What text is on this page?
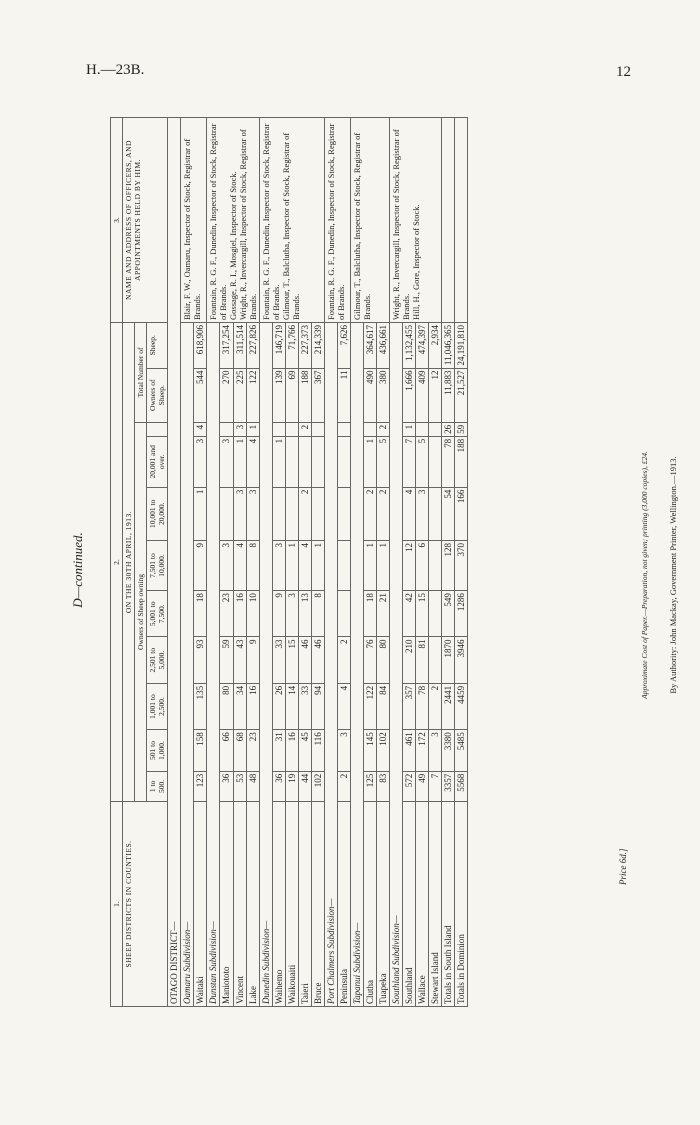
H.—23B.	12
D—continued.
1.	2.											3.
SHEEP DISTRICTS IN COUNTIES.	ON THE 30TH APRIL, 1913.											NAME AND ADDRESS OF OFFICERS, AND APPOINTMENTS HELD BY HIM.
	Owners of Sheep owning									Total Number of		
	1 to 500.	501 to 1,000.	1,001 to 2,500.	2,501 to 5,000.	5,001 to 7,500.	7,501 to 10,000.	10,001 to 20,000.	20,001 and over.		Owners of Sheep.	Sheep.	
OTAGO DISTRICT—												
Oamaru Subdivision—												Blair, F. W., Oamaru, Inspector of Stock, Registrar of Brands.

Waitaki	123	158	135	93	18	9	1	3	4	544	618,906	
Dunstan Subdivision—												Fountain, R. G. F., Dunedin, Inspector of Stock, Registrar of Brands. Gossage, R. I., Mosgiel, Inspector of Stock. Wright, R., Invercargill, Inspector of Stock, Registrar of Brands.

Maniototo	36	66	80	59	23	3		3		270	317,254	
Vincent	53	68	34	43	16	4	3	1	3	225	311,514	
Lake	48	23	16	9	10	8	3	4	1	122	227,826	
Dunedin Subdivision—												Fountain, R. G. F., Dunedin, Inspector of Stock, Registrar of Brands. Gilmour, T., Balclutha, Inspector of Stock, Registrar of Brands.

Waihemo	36	31	26	33	9	3		1		139	146,719	
Waikouaiti	19	16	14	15	3	1				69	71,766	
Taieri	44	45	33	46	13	4	2		2	188	227,373	
Bruce	102	116	94	46	8	1				367	214,339	
Port Chalmers Subdivision—												Fountain, R. G. F., Dunedin, Inspector of Stock, Registrar of Brands.

Peninsula	2	3	4	2						11	7,626	
Tapanui Subdivision—												Gilmour, T., Balclutha, Inspector of Stock, Registrar of Brands.

Clutha	125	145	122	76	18	1	2	1		490	364,617	
Tuapeka	83	102	84	80	21	1	2	5	2	380	436,661	
Southland Subdivision—												Wright, R., Invercargill, Inspector of Stock, Registrar of Brands. Hill, H., Gore, Inspector of Stock.

Southland	572	461	357	210	42	12	4	7	1	1,666	1,132,455	
Wallace	49	172	78	81	15	6	3	5		409	474,397	
Stewart Island	7	3	2							12	2,934	
Totals in South Island	3357	3380	2441	1870	549	128	54	78	26	11,883	11,046,365	
Totals in Dominion	5568	5485	4459	3946	1286	370	166	188	59	21,527	24,191,810	
Price 6d.]
Approximate Cost of Paper.—Preparation, not given; printing (3,000 copies), £24. By Authority: John Mackay, Government Printer, Wellington.—1913.
